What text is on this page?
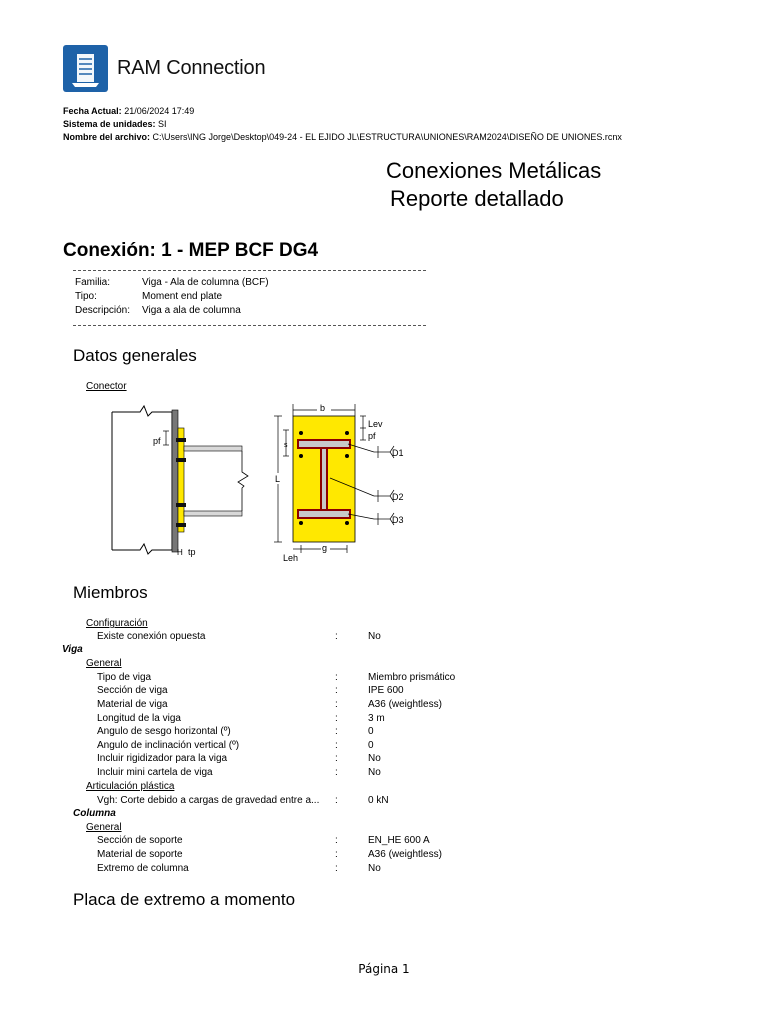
RAM Connection
Fecha Actual: 21/06/2024 17:49
Sistema de unidades: SI
Nombre del archivo: C:\Users\ING Jorge\Desktop\049-24 - EL EJIDO JL\ESTRUCTURA\UNIONES\RAM2024\DISEÑO DE UNIONES.rcnx
Conexiones Metálicas
Reporte detallado
Conexión: 1 - MEP BCF DG4
Familia:	Viga - Ala de columna (BCF)
Tipo:	Moment end plate
Descripción: Viga a ala de columna
Datos generales
Conector
pf
H tp
b
L
s
Lev
pf
D1
D2
D3
g
Leh
Miembros
Configuración
Existe conexión opuesta	:	No
Viga
General
Tipo de viga	:	Miembro prismático
Sección de viga	:	IPE 600
Material de viga	:	A36 (weightless)
Longitud de la viga	:	3 m
Angulo de sesgo horizontal (º)	:	0
Angulo de inclinación vertical (º)	:	0
Incluir rigidizador para la viga	:	No
Incluir mini cartela de viga	:	No
Articulación plástica
Vgh: Corte debido a cargas de gravedad entre a... :	0 kN
Columna
General
Sección de soporte	:	EN_HE 600 A
Material de soporte	:	A36 (weightless)
Extremo de columna	:	No
Placa de extremo a momento
Página 1
